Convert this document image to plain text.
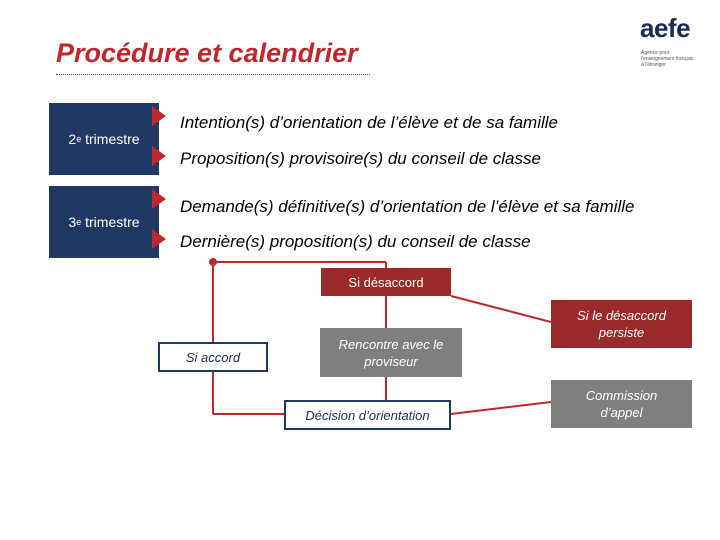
Procédure et calendrier
aefe
Agence pour
l'enseignement français
à l'étranger
2 e
trimestre
3 e
trimestre
Intention(s) d’orientation de l’élève et de sa famille
Proposition(s) provisoire(s) du conseil de classe
Demande(s) définitive(s) d’orientation de l’élève et sa famille
Dernière(s) proposition(s) du conseil de classe
Si désaccord
Si accord
Rencontre avec le proviseur
Décision d’orientation
Si le désaccord persiste
Commission d’appel
